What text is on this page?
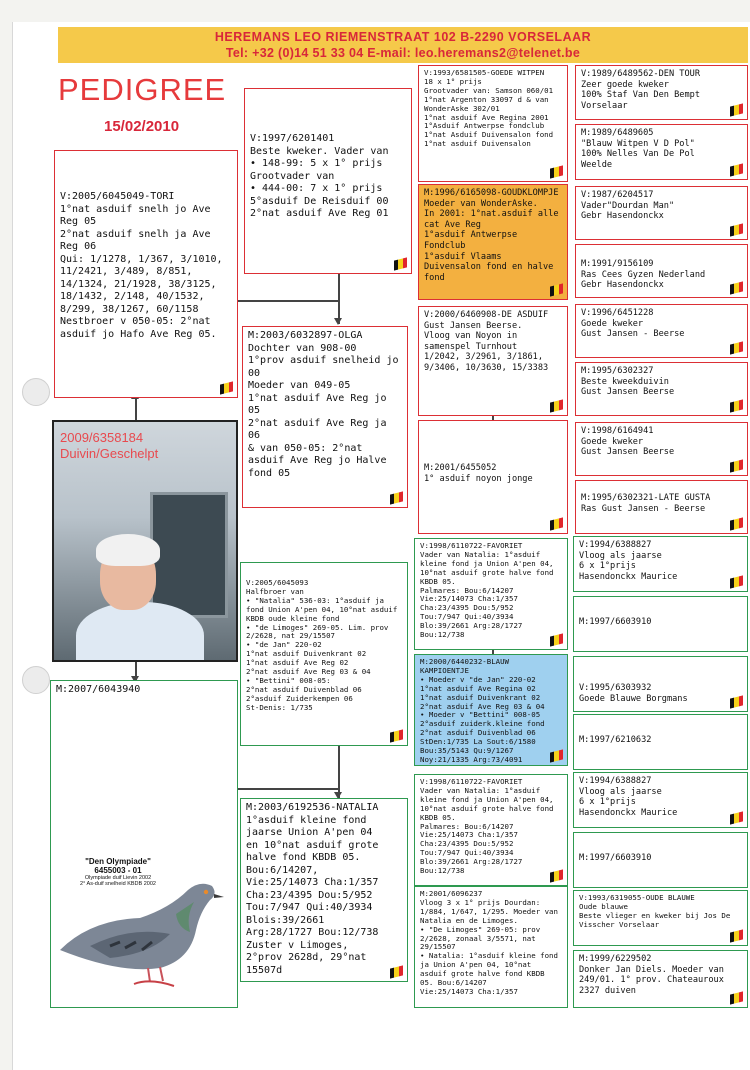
HEREMANS LEO RIEMENSTRAAT 102 B-2290 VORSELAAR
Tel: +32 (0)14 51 33 04 E-mail: leo.heremans2@telenet.be
PEDIGREE
15/02/2010
V:2005/6045049-TORI
1°nat asduif snelh jo Ave Reg 05
2°nat asduif snelh ja Ave Reg 06
Qui: 1/1278, 1/367, 3/1010, 11/2421, 3/489, 8/851, 14/1324, 21/1928, 38/3125, 18/1432, 2/148, 40/1532, 8/299, 38/1267, 60/1158
Nestbroer v 050-05: 2°nat asduif jo Hafo Ave Reg 05.
2009/6358184
Duivin/Geschelpt
M:2007/6043940
"Den Olympiade"
6455003 - 01
Olympiade duif Lievin 2002
2° As-duif snelheid KBDB 2002
V:1997/6201401
Beste kweker. Vader van
• 148-99: 5 x 1° prijs
Grootvader van
• 444-00: 7 x 1° prijs
5°asduif De Reisduif 00
2°nat asduif Ave Reg 01
M:2003/6032897-OLGA
Dochter van 908-00
1°prov asduif snelheid jo 00
Moeder van 049-05
1°nat asduif Ave Reg jo 05
2°nat asduif Ave Reg ja 06
& van 050-05: 2°nat asduif Ave Reg jo Halve fond 05
V:2005/6045093
Halfbroer van
• "Natalia" 536-03: 1°asduif ja fond Union A'pen 04, 10°nat asduif KBDB oude kleine fond
• "de Limoges" 269-05. Lim. prov 2/2628, nat 29/15507
• "de Jan" 220-02
1°nat asduif Duivenkrant 02
1°nat asduif Ave Reg 02
2°nat asduif Ave Reg 03 & 04
• "Bettini" 008-05:
2°nat asduif Duivenblad 06
2°asduif Zuiderkempen 06
St-Denis: 1/735
M:2003/6192536-NATALIA
1°asduif kleine fond jaarse Union A'pen 04
en 10°nat asduif grote halve fond KBDB 05.
Bou:6/14207,
Vie:25/14073 Cha:1/357
Cha:23/4395 Dou:5/952
Tou:7/947 Qui:40/3934
Blois:39/2661
Arg:28/1727 Bou:12/738
Zuster v Limoges,
2°prov 2628d, 29°nat 15507d
V:1993/6581505-GOEDE WITPEN
18 x 1° prijs
Grootvader van: Samson 060/01
1°nat Argenton 33097 d & van WonderAske 302/01
1°nat asduif Ave Regina 2001
1°Asduif Antwerpse fondclub
1°nat Asduif Duivensalon fond
1°nat asduif Duivensalon
M:1996/6165098-GOUDKLOMPJE
Moeder van WonderAske.
In 2001: 1°nat.asduif alle cat Ave Reg
1°asduif Antwerpse Fondclub
1°asduif Vlaams Duivensalon fond en halve fond
V:2000/6460908-DE ASDUIF
Gust Jansen Beerse.
Vloog van Noyon in samenspel Turnhout
1/2042, 3/2961, 3/1861, 9/3406, 10/3630, 15/3383
M:2001/6455052
1° asduif noyon jonge
V:1998/6110722-FAVORIET
Vader van Natalia: 1°asduif kleine fond ja Union A'pen 04, 10°nat asduif grote halve fond KBDB 05.
Palmares: Bou:6/14207
Vie:25/14073 Cha:1/357
Cha:23/4395 Dou:5/952
Tou:7/947 Qui:40/3934
Blo:39/2661 Arg:28/1727
Bou:12/738
M:2000/6440232-BLAUW KAMPIOENTJE
• Moeder v "de Jan" 220-02
1°nat asduif Ave Regina 02
1°nat asduif Duivenkrant 02
2°nat asduif Ave Reg 03 & 04
• Moeder v "Bettini" 008-05
2°asduif zuiderk.kleine fond
2°nat asduif Duivenblad 06
StDen:1/735 La Sout:6/1580
Bou:35/5143 Qu:9/1267
Noy:21/1335 Arg:73/4091
V:1998/6110722-FAVORIET
Vader van Natalia: 1°asduif kleine fond ja Union A'pen 04, 10°nat asduif grote halve fond KBDB 05.
Palmares: Bou:6/14207
Vie:25/14073 Cha:1/357
Cha:23/4395 Dou:5/952
Tou:7/947 Qui:40/3934
Blo:39/2661 Arg:28/1727
Bou:12/738
M:2001/6096237
Vloog 3 x 1° prijs Dourdan: 1/884, 1/647, 1/295. Moeder van Natalia en de Limoges.
• "De Limoges" 269-05: prov 2/2628, zonaal 3/5571, nat 29/15507
• Natalia: 1°asduif kleine fond ja Union A'pen 04, 10°nat asduif grote halve fond KBDB 05. Bou:6/14207
Vie:25/14073 Cha:1/357
V:1989/6489562-DEN TOUR
Zeer goede kweker
100% Staf Van Den Bempt
Vorselaar
M:1989/6489605
"Blauw Witpen V D Pol"
100% Nelles Van De Pol
Weelde
V:1987/6204517
Vader"Dourdan Man"
Gebr Hasendonckx
M:1991/9156109
Ras Cees Gyzen Nederland
Gebr Hasendonckx
V:1996/6451228
Goede kweker
Gust Jansen - Beerse
M:1995/6302327
Beste kweekduivin
Gust Jansen Beerse
V:1998/6164941
Goede kweker
Gust Jansen Beerse
M:1995/6302321-LATE GUSTA
Ras Gust Jansen - Beerse
V:1994/6388827
Vloog als jaarse
6 x 1°prijs
Hasendonckx Maurice
M:1997/6603910
V:1995/6303932
Goede Blauwe Borgmans
M:1997/6210632
V:1994/6388827
Vloog als jaarse
6 x 1°prijs
Hasendonckx Maurice
M:1997/6603910
V:1993/6319055-OUDE BLAUWE
Oude blauwe
Beste vlieger en kweker bij Jos De Visscher Vorselaar
M:1999/6229502
Donker Jan Diels. Moeder van 249/01. 1° prov. Chateauroux 2327 duiven
